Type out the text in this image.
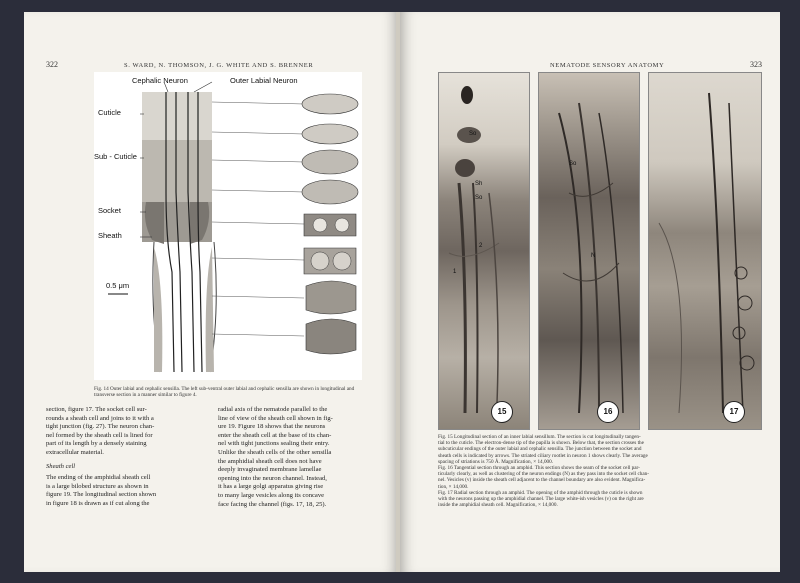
322	S. WARD, N. THOMSON, J. G. WHITE AND S. BRENNER
Cephalic Neuron	Outer Labial Neuron
Cuticle
Sub - Cuticle
Socket
Sheath
0.5 μm
Fig. 14 Outer labial and cephalic sensilla. The left sub-ventral outer labial and cephalic sensilla are shown in longitudinal and transverse section in a manner similar to figure 4.

section, figure 17. The socket cell sur-

rounds a sheath cell and joins to it with a

tight junction (fig. 27). The neuron chan-

nel formed by the sheath cell is lined for

part of its length by a densely staining

extracellular material.

Sheath cell

The ending of the amphidial sheath cell

is a large bilobed structure as shown in

figure 19. The longitudinal section shown

in figure 18 is drawn as if cut along the

radial axis of the nematode parallel to the

line of view of the sheath cell shown in fig-

ure 19. Figure 18 shows that the neurons

enter the sheath cell at the base of its chan-

nel with tight junctions sealing their entry.

Unlike the sheath cells of the other sensilla

the amphidial sheath cell does not have

deeply invaginated membrane lamellae

opening into the neuron channel. Instead,

it has a large golgi apparatus giving rise

to many large vesicles along its concave

face facing the channel (figs. 17, 18, 25).

NEMATODE SENSORY ANATOMY	323
So
Sh
So
1
2
15
So
N
16	17
Fig. 15 Longitudinal section of an inner labial sensillum. The section is cut longitudinally tangen-
tial to the cuticle. The electron-dense tip of the papilla is shown. Below that, the section crosses the
subcuticular endings of the outer labial and cephalic sensilla. The junction between the socket and
sheath cells is indicated by arrows. The striated ciliary rootlet in neuron 1 shows clearly. The average
spacing of striations is 750 Å. Magnification, × 14,000.
Fig. 16 Tangential section through an amphid. This section shows the seam of the socket cell par-
ticularly clearly, as well as clustering of the neuron endings (N) as they pass into the socket cell chan-
nel. Vesicles (v) inside the sheath cell adjacent to the channel boundary are also evident. Magnifica-
tion, × 14,000.
Fig. 17 Radial section through an amphid. The opening of the amphid through the cuticle is shown
with the neurons passing up the amphidial channel. The large white-ish vesicles (v) on the right are
inside the amphidial sheath cell. Magnification, × 14,000.
